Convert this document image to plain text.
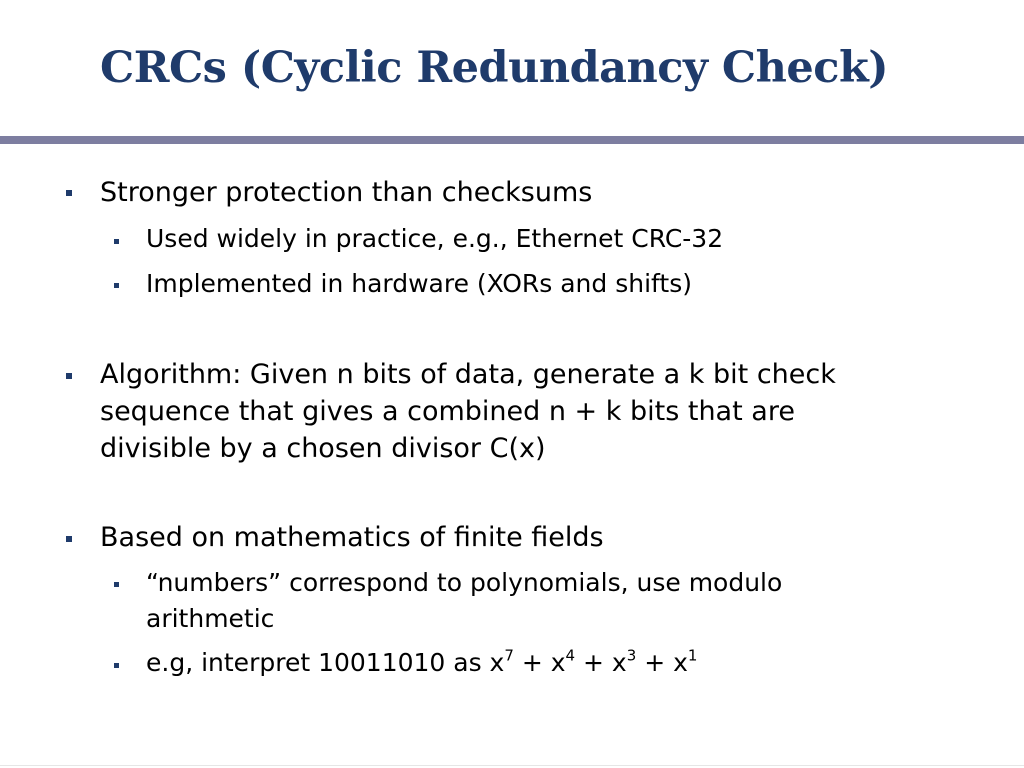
CRCs (Cyclic Redundancy Check)

Stronger protection than checksums

Used widely in practice, e.g., Ethernet CRC-32

Implemented in hardware (XORs and shifts)

Algorithm: Given n bits of data, generate a k bit check

sequence that gives a combined n + k bits that are

divisible by a chosen divisor C(x)

Based on mathematics of finite fields

“numbers” correspond to polynomials, use modulo

arithmetic

e.g, interpret 10011010 as $x^7 + x^4 + x^3 + x^1$
